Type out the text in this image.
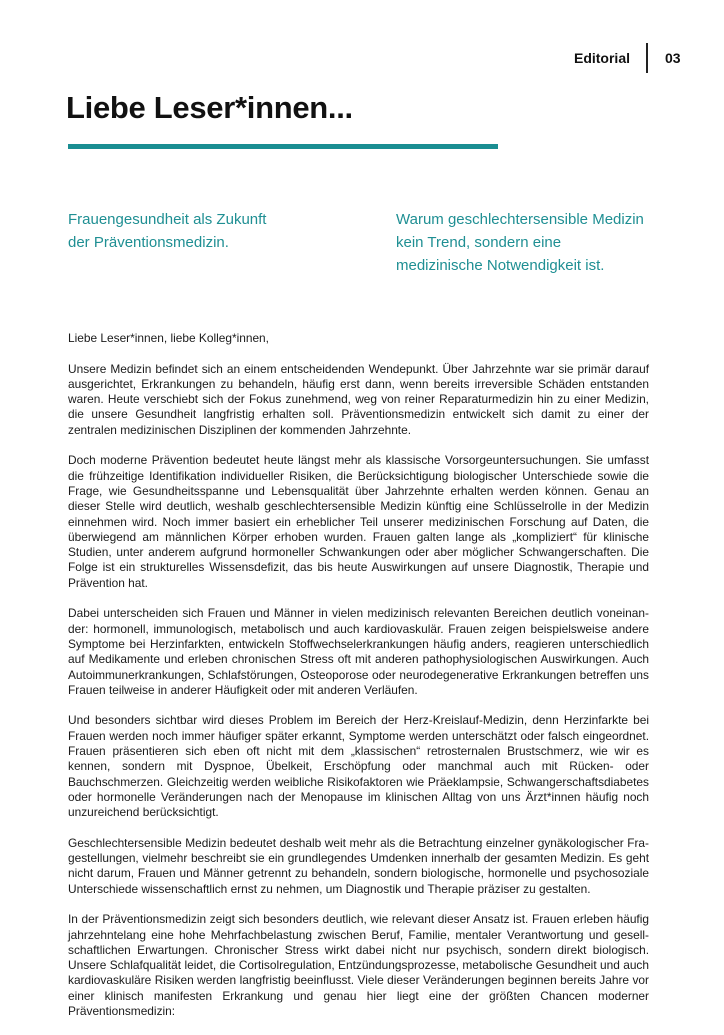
Editorial	03
Liebe Leser*innen...
Frauengesundheit als Zukunft
der Präventionsmedizin.
Warum geschlechtersensible Medizin
kein Trend, sondern eine
medizinische Notwendigkeit ist.

Liebe Leser*innen, liebe Kolleg*innen,

Unsere Medizin befindet sich an einem entscheidenden Wendepunkt. Über Jahrzehnte war sie primär darauf ausgerichtet, Erkrankungen zu behandeln, häufig erst dann, wenn bereits irreversible Schäden entstanden waren. Heute verschiebt sich der Fokus zunehmend, weg von reiner Reparaturmedizin hin zu einer Medizin, die unsere Gesundheit langfristig erhalten soll. Präventionsmedizin entwickelt sich damit zu einer der zentralen medizinischen Disziplinen der kommenden Jahrzehnte.

Doch moderne Prävention bedeutet heute längst mehr als klassische Vorsorgeuntersuchungen. Sie umfasst die frühzeitige Identifikation individueller Risiken, die Berücksichtigung biologischer Unterschiede sowie die Frage, wie Gesundheitsspanne und Lebensqualität über Jahrzehnte erhalten werden können. Genau an dieser Stelle wird deutlich, weshalb geschlechtersensible Medizin künftig eine Schlüsselrolle in der Medizin einnehmen wird. Noch immer basiert ein erheblicher Teil unserer medizinischen Forschung auf Daten, die überwiegend am männlichen Körper erhoben wurden. Frauen galten lange als „kompliziert“ für klinische Studien, unter anderem aufgrund hormoneller Schwankungen oder aber möglicher Schwangerschaften. Die Folge ist ein strukturelles Wissensdefizit, das bis heute Auswirkungen auf unsere Diagnostik, Therapie und Prävention hat.

Dabei unterscheiden sich Frauen und Männer in vielen medizinisch relevanten Bereichen deutlich voneinander: hormonell, immunologisch, metabolisch und auch kardiovaskulär. Frauen zeigen beispielsweise andere Symptome bei Herzinfarkten, entwickeln Stoffwechselerkrankungen häufig anders, reagieren unterschiedlich auf Medikamente und erleben chronischen Stress oft mit anderen pathophysiologischen Auswirkungen. Auch Autoimmunerkrankungen, Schlafstörungen, Osteoporose oder neurodegenerative Erkrankungen betreffen uns Frauen teilweise in anderer Häufigkeit oder mit anderen Verläufen.

Und besonders sichtbar wird dieses Problem im Bereich der Herz-Kreislauf-Medizin, denn Herzinfarkte bei Frauen werden noch immer häufiger später erkannt, Symptome werden unterschätzt oder falsch eingeordnet. Frauen präsentieren sich eben oft nicht mit dem „klassischen“ retrosternalen Brustschmerz, wie wir es kennen, sondern mit Dyspnoe, Übelkeit, Erschöpfung oder manchmal auch mit Rücken- oder Bauchschmerzen. Gleichzeitig werden weibliche Risikofaktoren wie Präeklampsie, Schwangerschaftsdiabetes oder hormonelle Veränderungen nach der Menopause im klinischen Alltag von uns Ärzt*innen häufig noch unzureichend berücksichtigt.

Geschlechtersensible Medizin bedeutet deshalb weit mehr als die Betrachtung einzelner gynäkologischer Fragestellungen, vielmehr beschreibt sie ein grundlegendes Umdenken innerhalb der gesamten Medizin. Es geht nicht darum, Frauen und Männer getrennt zu behandeln, sondern biologische, hormonelle und psychosoziale Unterschiede wissenschaftlich ernst zu nehmen, um Diagnostik und Therapie präziser zu gestalten.

In der Präventionsmedizin zeigt sich besonders deutlich, wie relevant dieser Ansatz ist. Frauen erleben häufig jahrzehntelang eine hohe Mehrfachbelastung zwischen Beruf, Familie, mentaler Verantwortung und gesellschaftlichen Erwartungen. Chronischer Stress wirkt dabei nicht nur psychisch, sondern direkt biologisch. Unsere Schlafqualität leidet, die Cortisolregulation, Entzündungsprozesse, metabolische Gesundheit und auch kardiovaskuläre Risiken werden langfristig beeinflusst. Viele dieser Veränderungen beginnen bereits Jahre vor einer klinisch manifesten Erkrankung und genau hier liegt eine der größten Chancen moderner Präventionsmedizin:
